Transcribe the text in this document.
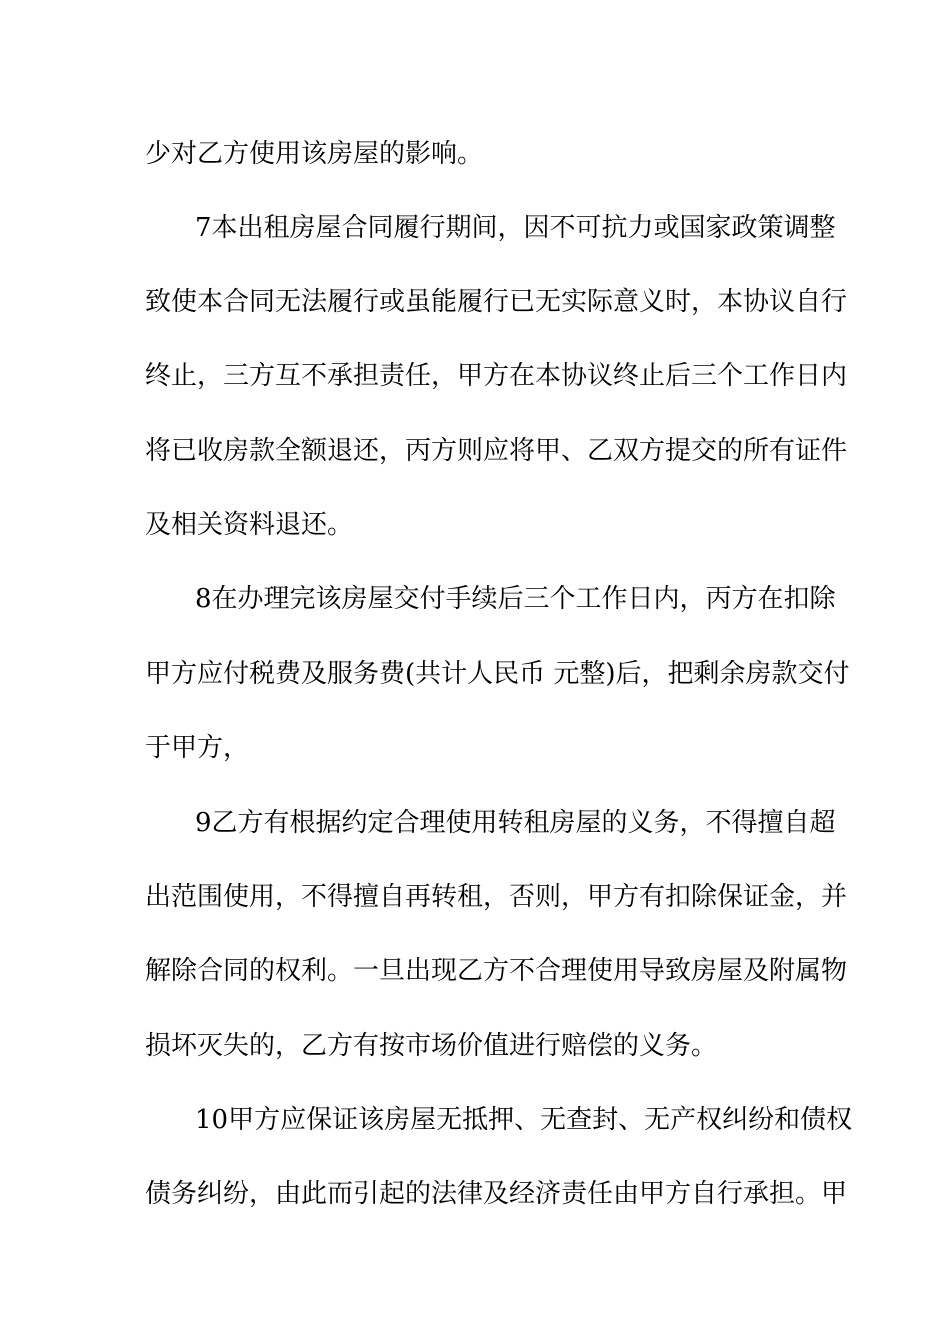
少对乙方使用该房屋的影响。
7本出租房屋合同履行期间，因不可抗力或国家政策调整
致使本合同无法履行或虽能履行已无实际意义时，本协议自行
终止，三方互不承担责任，甲方在本协议终止后三个工作日内
将已收房款全额退还，丙方则应将甲、乙双方提交的所有证件
及相关资料退还。
8在办理完该房屋交付手续后三个工作日内，丙方在扣除
甲方应付税费及服务费(共计人民币 元整)后，把剩余房款交付
于甲方，
9乙方有根据约定合理使用转租房屋的义务，不得擅自超
出范围使用，不得擅自再转租，否则，甲方有扣除保证金，并
解除合同的权利。一旦出现乙方不合理使用导致房屋及附属物
损坏灭失的，乙方有按市场价值进行赔偿的义务。
10甲方应保证该房屋无抵押、无查封、无产权纠纷和债权
债务纠纷，由此而引起的法律及经济责任由甲方自行承担。甲
